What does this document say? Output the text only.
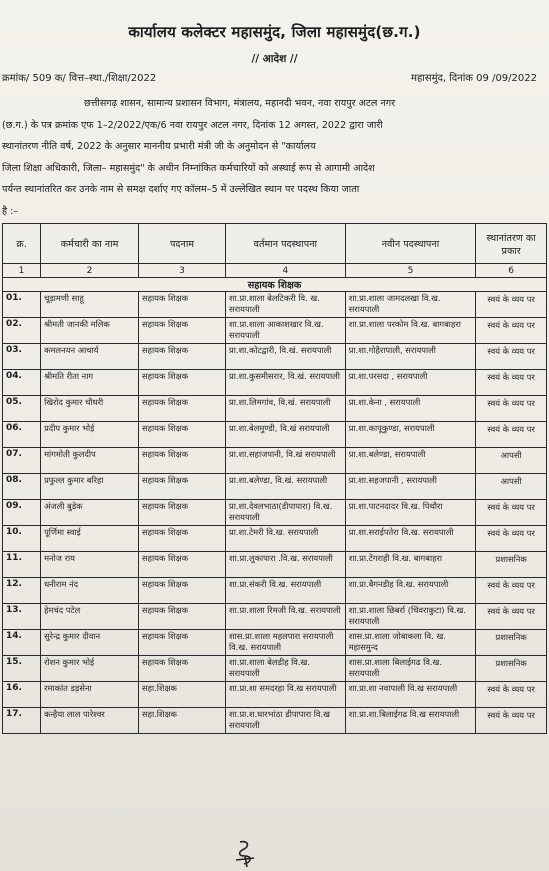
कार्यालय कलेक्टर महासमुंद, जिला महासमुंद(छ.ग.)
// आदेश //
क्रमांक/ 509 क/ वित्त–स्था./शिक्षा/2022	महासमुंद, दिनांक 09 /09/2022
छत्तीसगढ़ शासन, सामान्य प्रशासन विभाग, मंत्रालय, महानदी भवन, नवा रायपुर अटल नगर
(छ.ग.) के पत्र क्रमांक एफ 1–2/2022/एक/6 नवा रायपुर अटल नगर, दिनांक 12 अगस्त, 2022 द्वारा जारी
स्थानांतरण नीति वर्ष, 2022 के अनुसार माननीय प्रभारी मंत्री जी के अनुमोदन से "कार्यालय
जिला शिक्षा अधिकारी, जिला– महासमुंद" के अधीन निम्नांकित कर्मचारियों को अस्थाई रूप से आगामी आदेश
पर्यन्त स्थानांतरित कर उनके नाम से समक्ष दर्शाए गए कॉलम–5 में उल्लेखित स्थान पर पदस्थ किया जाता
है :–
क्र.	कर्मचारी का नाम	पदनाम	वर्तमान पदस्थापना	नवीन पदस्थापना	स्थानांतरण का प्रकार
1	2	3	4	5	6
सहायक शिक्षक					
01.	चूड़ामणी साहू	सहायक शिक्षक	शा.प्रा.शाला बेलटिकरी वि. ख. सरायपाली	शा.प्रा.शाला जामदलखा वि.ख. सरायपाली	स्वयं के व्यय पर
02.	श्रीमती जानकी मलिक	सहायक शिक्षक	शा.प्रा.शाला आकाशखार वि.ख. सरायपाली	शा.प्रा.शाला परकोम वि.ख. बागबाहरा	स्वयं के व्यय पर
03.	कमलनयन आचार्य	सहायक शिक्षक	प्रा.शा.कोटद्वारी, वि.खं. सरायपाली	प्रा.शा.गोहैरापाली, सरायपाली	स्वयं के व्यय पर
04.	श्रीमति रीता नाग	सहायक शिक्षक	प्रा.शा.कुसमीसरार, वि.खं. सरायपाली	प्रा.शा.परसदा , सरायपाली	स्वयं के व्यय पर
05.	खिरोद कुमार चौधरी	सहायक शिक्षक	प्रा.शा.लिमगांव, वि.खं. सरायपाली	प्रा.शा.केना , सरायपाली	स्वयं के व्यय पर
06.	प्रदीप कुमार भोई	सहायक शिक्षक	प्रा.शा.बेलमुण्डी, वि.खं सरायपाली	प्रा.शा.कापूकुण्डा, सरायपाली	स्वयं के व्यय पर
07.	मांगमोती कुलदीप	सहायक शिक्षक	प्रा.शा.सहाजपानी, वि.खं सरायपाली	प्रा.शा.बलेण्डा, सरायपाली	आपसी
08.	प्रफुल्ल कुमार बरिहा	सहायक शिक्षक	प्रा.शा.बलेण्डा, वि.खं. सरायपाली	प्रा.शा.सहजपानी , सरायपाली	आपसी
09.	अंजली बुडेक	सहायक शिक्षक	प्रा.शा.देवलभाठा(डीपापारा) वि.ख. सरायपाली	प्रा.शा.पाटनदादर वि.ख. पिथौरा	स्वयं के व्यय पर
10.	पूर्णिमा स्वाई	सहायक शिक्षक	प्रा.शा.टेमरी वि.ख. सरायपाली	प्रा.शा.सराईपतेरा वि.ख. सरायपाली	स्वयं के व्यय पर
11.	मनोज राय	सहायक शिक्षक	शा.प्रा.लुकापारा .वि.ख. सरायपाली	शा.प्रा.टेंगराही वि.ख. बागबाहरा	प्रशासनिक
12.	धनीराम नंद	सहायक शिक्षक	शा.प्रा.संकरी वि.ख. सरायपाली	शा.प्रा.बैगनडीह वि.ख. सरायपाली	स्वयं के व्यय पर
13.	हेमचंद पटेल	सहायक शिक्षक	शा.प्रा.शाला रिमजी वि.ख. सरायपाली	शा.प्रा.शाला छिबर्रा (चिंवराकुटा) वि.ख. सरायपाली	स्वयं के व्यय पर
14.	सुरेन्द्र कुमार दीवान	सहायक शिक्षक	शास.प्रा.शाला महलपारा सरायपाली वि.ख. सरायपाली	शास.प्रा.शाला जोबाकला वि. ख. महासमुन्द	प्रशासनिक
15.	रोशन कुमार भोई	सहायक शिक्षक	शा.प्रा.शाला बेलडीह वि.ख. सरायपाली	शास.प्रा.शाला बिलाईगढ वि.ख. सरायपाली	प्रशासनिक
16.	रमाकांत डड़सेना	सहा.शिक्षक	शा.प्रा.शा समदरहा वि.ख सरायपाली	शा.प्रा.शा नवापाली वि.ख सरायपाली	स्वयं के व्यय पर
17.	कन्हैया लाल पारेश्वर	सहा.शिक्षक	शा.प्रा.श.घारभांठा डीपापारा वि.ख सरायपाली	शा.प्रा.शा.बिलाईगढ वि.ख सरायपाली	स्वयं के व्यय पर
